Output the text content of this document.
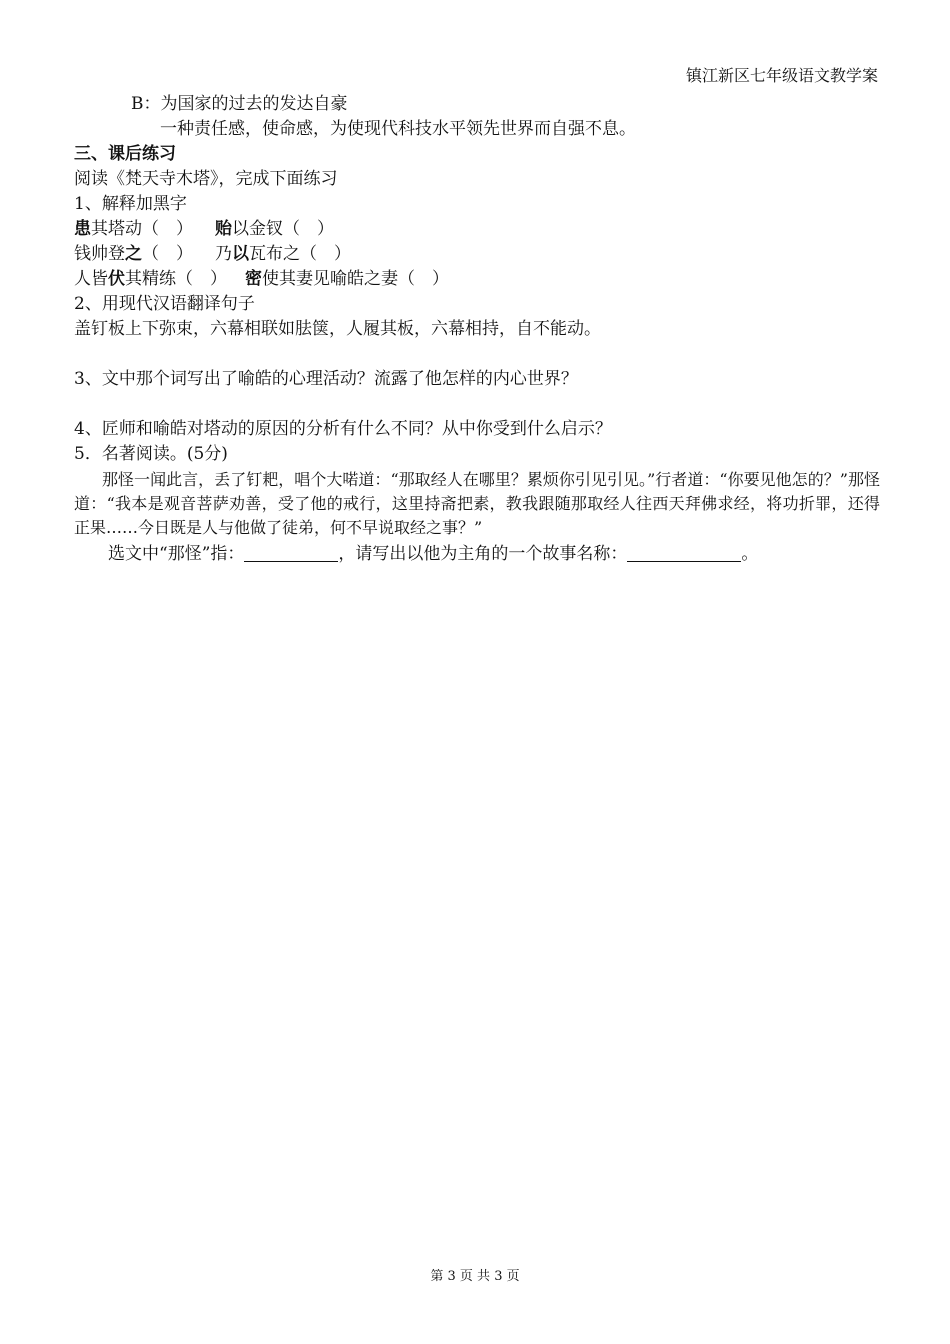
镇江新区七年级语文教学案
B：为国家的过去的发达自豪
一种责任感，使命感，为使现代科技水平领先世界而自强不息。
三、课后练习
阅读《梵天寺木塔》，完成下面练习
1、解释加黑字
患其塔动（　） 贻以金钗（　）
钱帅登之（　） 乃以瓦布之（　）
人皆伏其精练（　） 密使其妻见喻皓之妻（　）
2、用现代汉语翻译句子
盖钉板上下弥束，六幕相联如胠箧，人履其板，六幕相持，自不能动。
3、文中那个词写出了喻皓的心理活动？流露了他怎样的内心世界？
4、匠师和喻皓对塔动的原因的分析有什么不同？从中你受到什么启示？
5．名著阅读。(5分)
那怪一闻此言，丢了钉耙，唱个大喏道：“那取经人在哪里？累烦你引见引见。”行者道：“你要见他怎的？”那怪道：“我本是观音菩萨劝善，受了他的戒行，这里持斋把素，教我跟随那取经人往西天拜佛求经，将功折罪，还得正果……今日既是人与他做了徒弟，何不早说取经之事？”
选文中“那怪”指：	，请写出以他为主角的一个故事名称：	。
第 3 页 共 3 页
